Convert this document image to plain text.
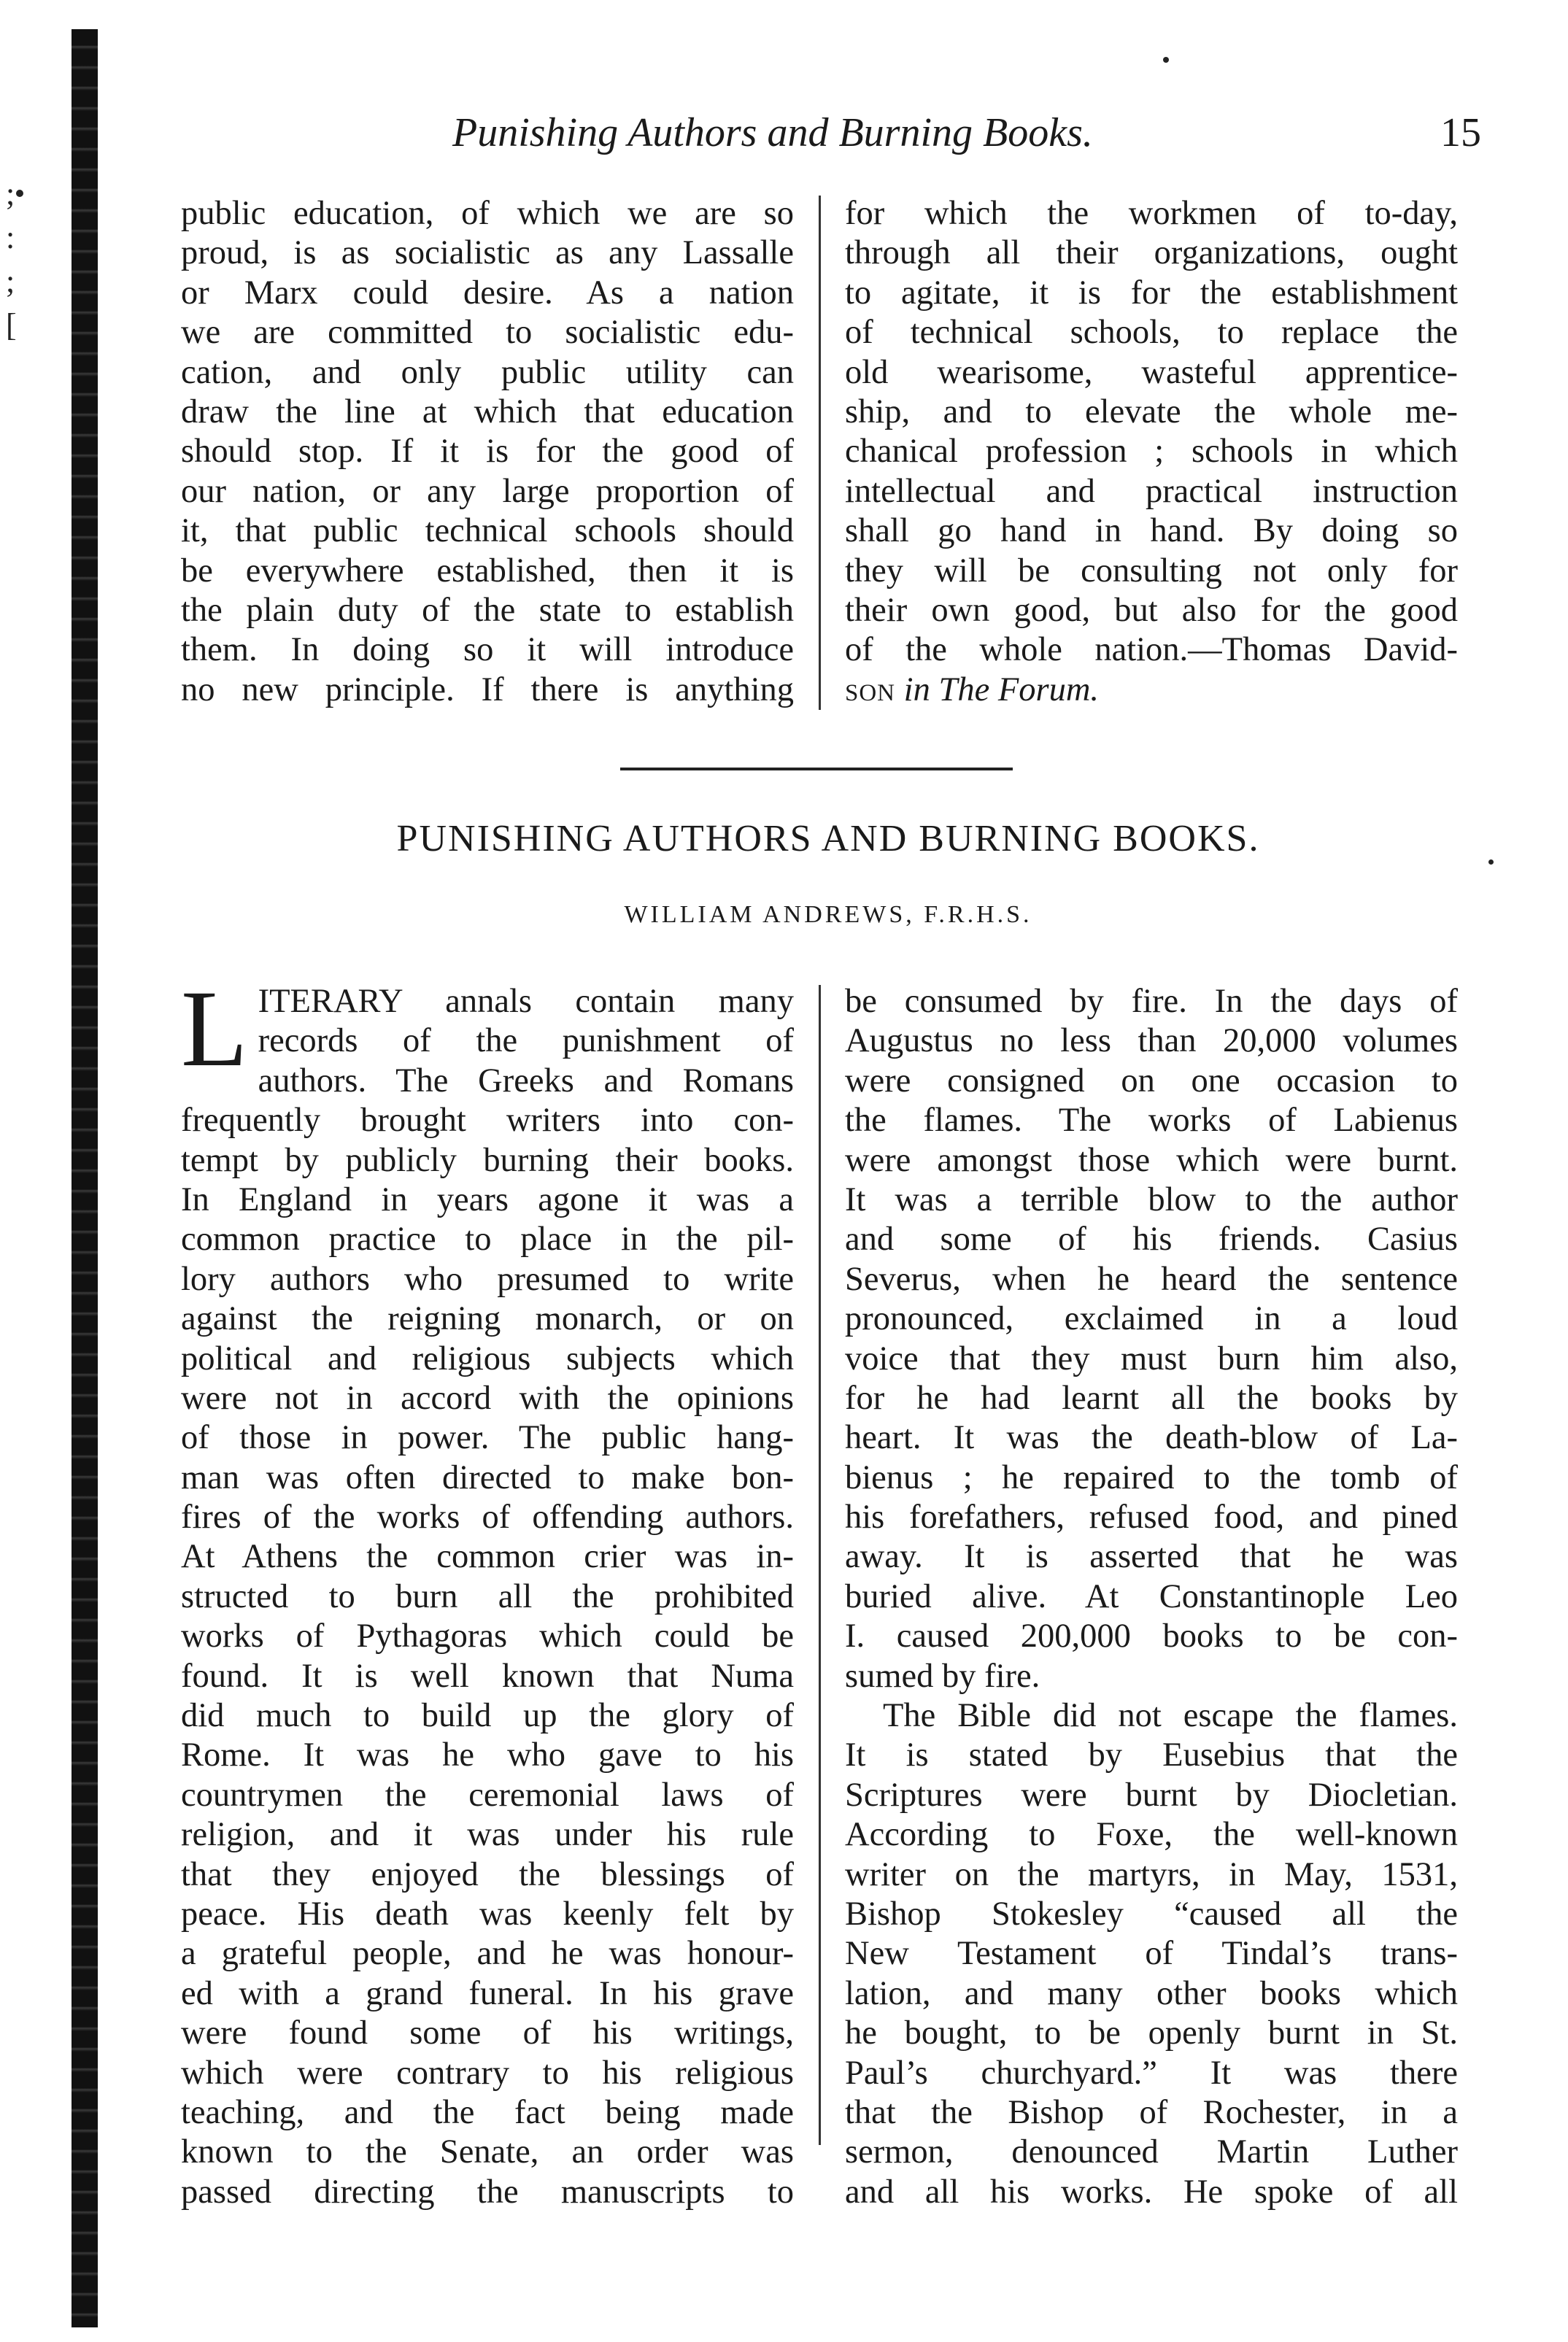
;
:
;
[
Punishing Authors and Burning Books.	15
public education, of which we are so
proud, is as socialistic as any Lassalle
or Marx could desire. As a nation
we are committed to socialistic edu-
cation, and only public utility can
draw the line at which that education
should stop. If it is for the good of
our nation, or any large proportion of
it, that public technical schools should
be everywhere established, then it is
the plain duty of the state to establish
them. In doing so it will introduce
no new principle. If there is anything
for which the workmen of to-day,
through all their organizations, ought
to agitate, it is for the establishment
of technical schools, to replace the
old wearisome, wasteful apprentice-
ship, and to elevate the whole me-
chanical profession ; schools in which
intellectual and practical instruction
shall go hand in hand. By doing so
they will be consulting not only for
their own good, but also for the good
of the whole nation.—Thomas David-
son in The Forum.
PUNISHING AUTHORS AND BURNING BOOKS.
WILLIAM ANDREWS, F.R.H.S.
L ITERARY annals contain many
records of the punishment of
authors. The Greeks and Romans
frequently brought writers into con-
tempt by publicly burning their books.
In England in years agone it was a
common practice to place in the pil-
lory authors who presumed to write
against the reigning monarch, or on
political and religious subjects which
were not in accord with the opinions
of those in power. The public hang-
man was often directed to make bon-
fires of the works of offending authors.
At Athens the common crier was in-
structed to burn all the prohibited
works of Pythagoras which could be
found. It is well known that Numa
did much to build up the glory of
Rome. It was he who gave to his
countrymen the ceremonial laws of
religion, and it was under his rule
that they enjoyed the blessings of
peace. His death was keenly felt by
a grateful people, and he was honour-
ed with a grand funeral. In his grave
were found some of his writings,
which were contrary to his religious
teaching, and the fact being made
known to the Senate, an order was
passed directing the manuscripts to
be consumed by fire. In the days of
Augustus no less than 20,000 volumes
were consigned on one occasion to
the flames. The works of Labienus
were amongst those which were burnt.
It was a terrible blow to the author
and some of his friends. Casius
Severus, when he heard the sentence
pronounced, exclaimed in a loud
voice that they must burn him also,
for he had learnt all the books by
heart. It was the death-blow of La-
bienus ; he repaired to the tomb of
his forefathers, refused food, and pined
away. It is asserted that he was
buried alive. At Constantinople Leo
I. caused 200,000 books to be con-
sumed by fire.
The Bible did not escape the flames.
It is stated by Eusebius that the
Scriptures were burnt by Diocletian.
According to Foxe, the well-known
writer on the martyrs, in May, 1531,
Bishop Stokesley “caused all the
New Testament of Tindal’s trans-
lation, and many other books which
he bought, to be openly burnt in St.
Paul’s churchyard.” It was there
that the Bishop of Rochester, in a
sermon, denounced Martin Luther
and all his works. He spoke of all
